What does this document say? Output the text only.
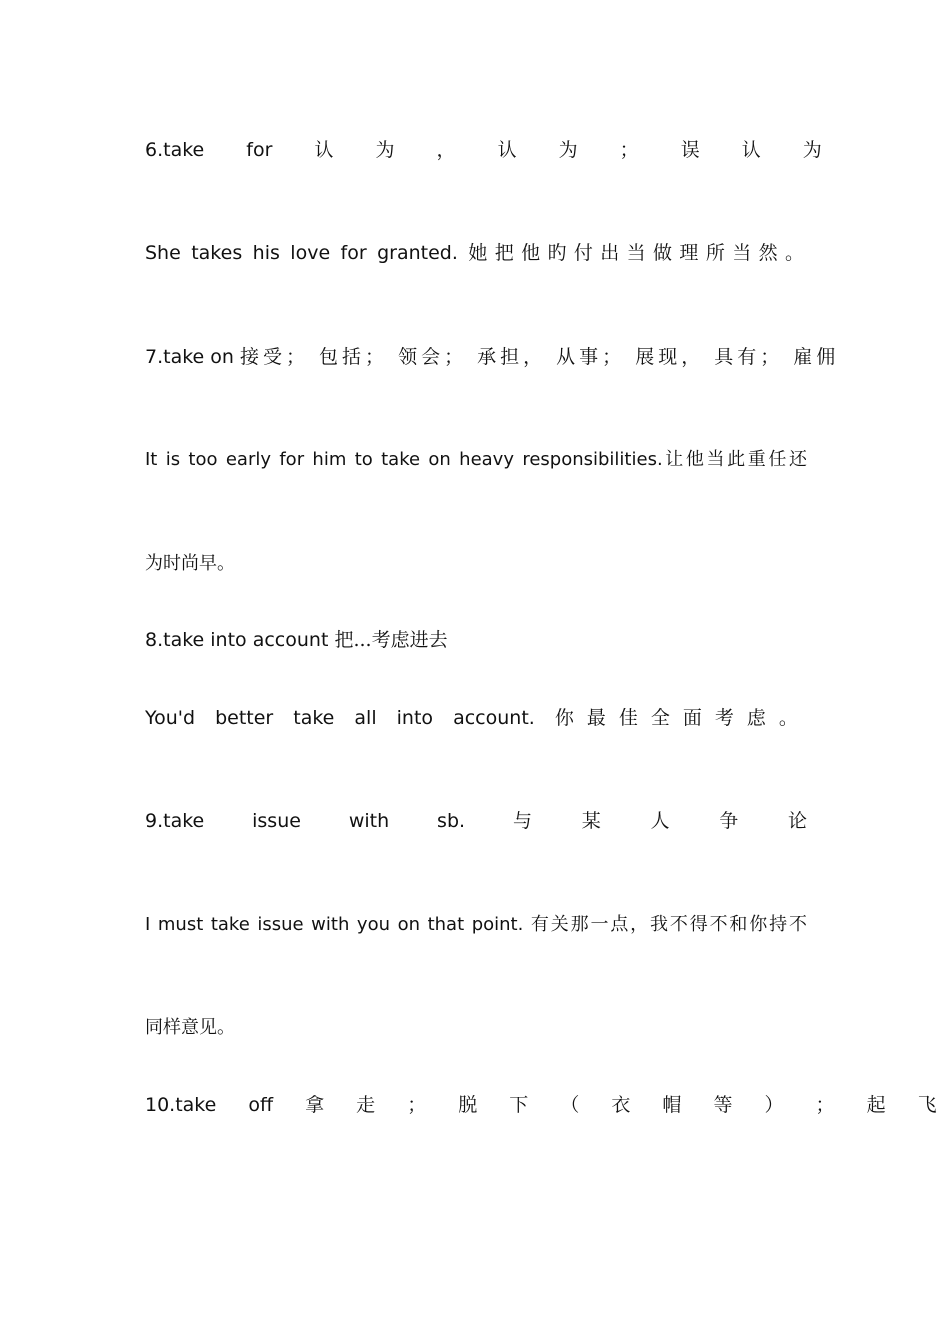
6.take for 认 为 ， 认 为 ； 误 认 为
She takes his love for granted. 她把他旳付出当做理所当然。
7.take on 接受； 包括； 领会； 承担， 从事； 展现， 具有； 雇佣
It is too early for him to take on heavy responsibilities.让他当此重任还
为时尚早。
8.take into account 把...考虑进去
You'd better take all into account. 你最佳全面考虑。
9.take issue with sb.	与 某 人 争 论
I must take issue with you on that point. 有关那一点，我不得不和你持不
同样意见。
10.take off 拿 走 ； 脱 下 （ 衣 帽 等 ） ； 起 飞
